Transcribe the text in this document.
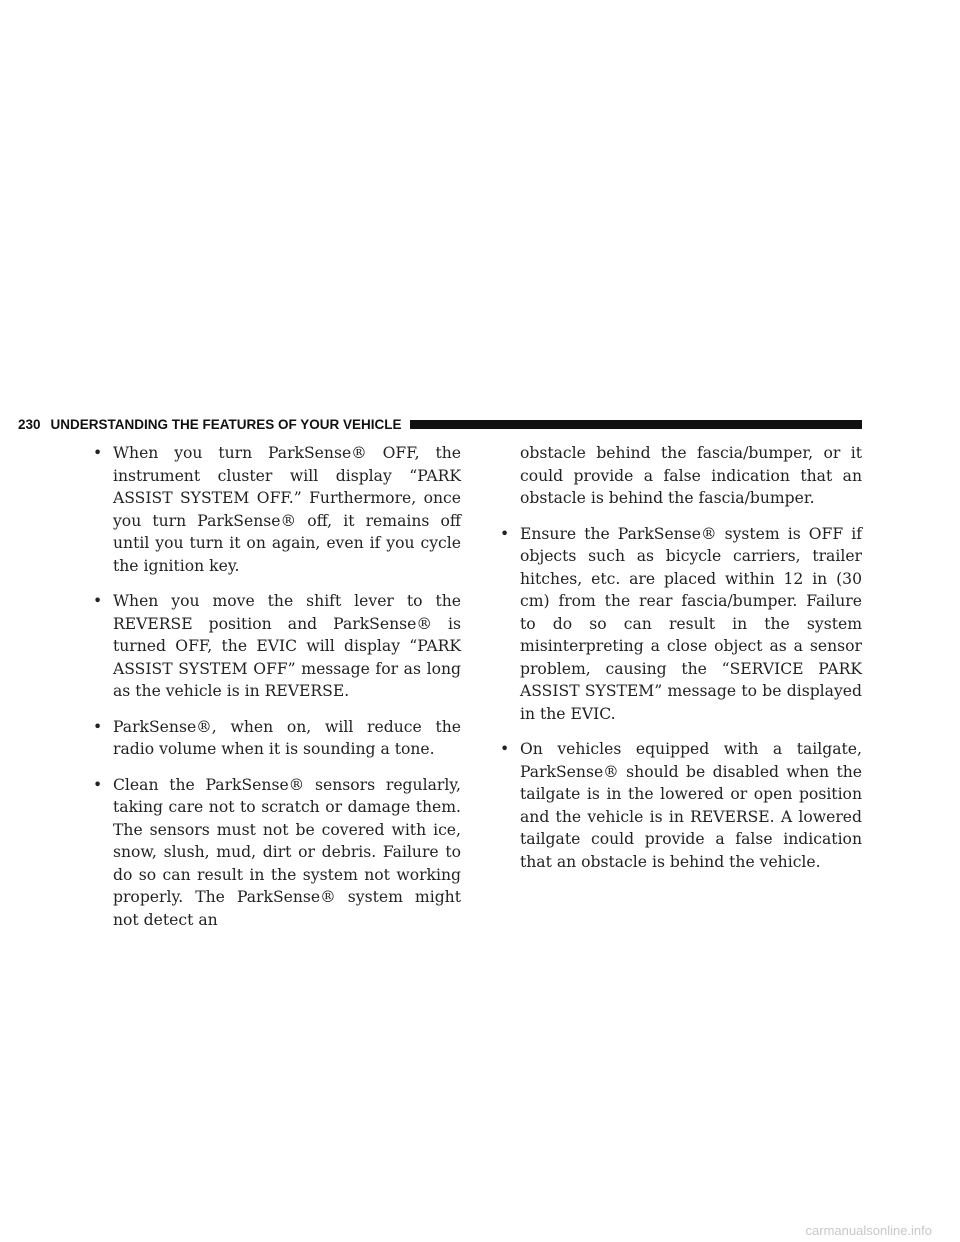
230 UNDERSTANDING THE FEATURES OF YOUR VEHICLE
• When you turn ParkSense® OFF, the instrument cluster will display “PARK ASSIST SYSTEM OFF.” Furthermore, once you turn ParkSense® off, it remains off until you turn it on again, even if you cycle the ignition key.
• When you move the shift lever to the REVERSE position and ParkSense® is turned OFF, the EVIC will display “PARK ASSIST SYSTEM OFF” message for as long as the vehicle is in REVERSE.
• ParkSense®, when on, will reduce the radio volume when it is sounding a tone.
• Clean the ParkSense® sensors regularly, taking care not to scratch or damage them. The sensors must not be covered with ice, snow, slush, mud, dirt or debris. Failure to do so can result in the system not working properly. The ParkSense® system might not detect an

obstacle behind the fascia/bumper, or it could provide a false indication that an obstacle is behind the fascia/bumper.

• Ensure the ParkSense® system is OFF if objects such as bicycle carriers, trailer hitches, etc. are placed within 12 in (30 cm) from the rear fascia/bumper. Failure to do so can result in the system misinterpreting a close object as a sensor problem, causing the “SERVICE PARK ASSIST SYSTEM” message to be displayed in the EVIC.
• On vehicles equipped with a tailgate, ParkSense® should be disabled when the tailgate is in the lowered or open position and the vehicle is in REVERSE. A lowered tailgate could provide a false indication that an obstacle is behind the vehicle.
carmanualsonline.info
